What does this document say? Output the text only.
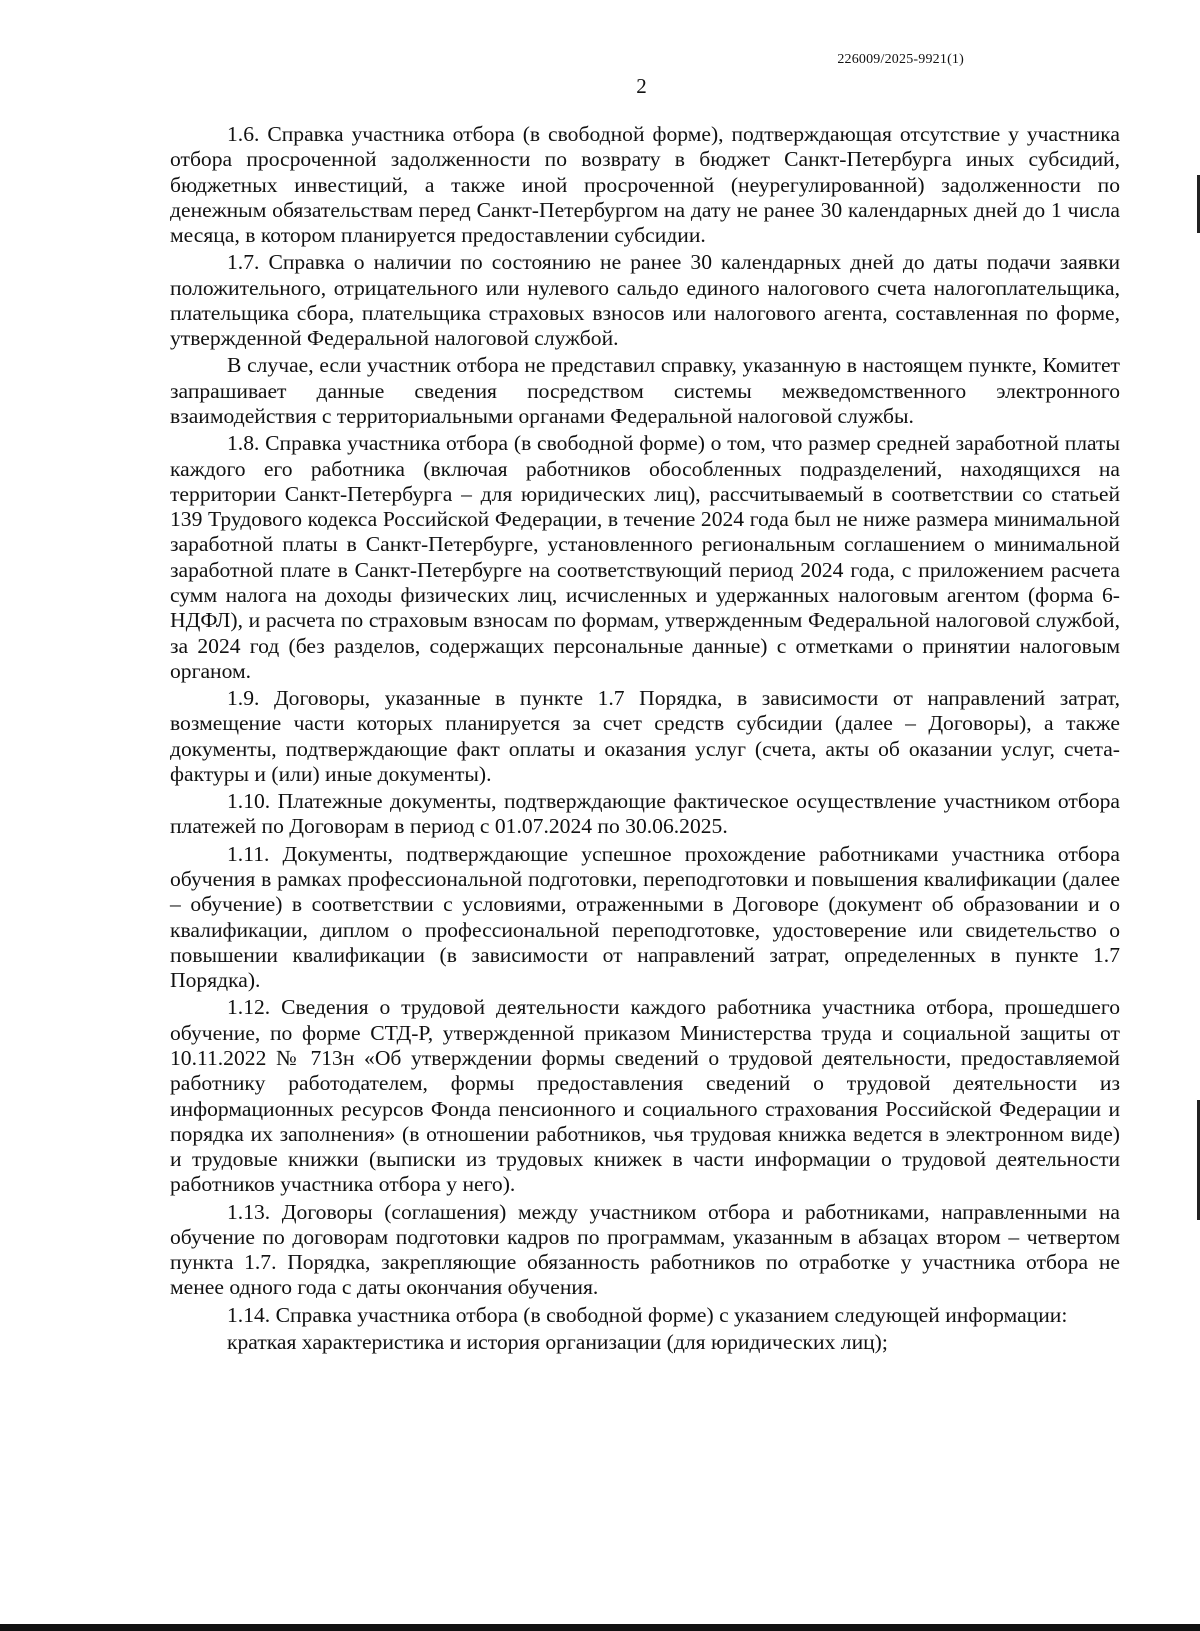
226009/2025-9921(1)
2

1.6. Справка участника отбора (в свободной форме), подтверждающая отсутствие у участника отбора просроченной задолженности по возврату в бюджет Санкт-Петербурга иных субсидий, бюджетных инвестиций, а также иной просроченной (неурегулированной) задолженности по денежным обязательствам перед Санкт-Петербургом на дату не ранее 30 календарных дней до 1 числа месяца, в котором планируется предоставлении субсидии.

1.7. Справка о наличии по состоянию не ранее 30 календарных дней до даты подачи заявки положительного, отрицательного или нулевого сальдо единого налогового счета налогоплательщика, плательщика сбора, плательщика страховых взносов или налогового агента, составленная по форме, утвержденной Федеральной налоговой службой.

В случае, если участник отбора не представил справку, указанную в настоящем пункте, Комитет запрашивает данные сведения посредством системы межведомственного электронного взаимодействия с территориальными органами Федеральной налоговой службы.

1.8. Справка участника отбора (в свободной форме) о том, что размер средней заработной платы каждого его работника (включая работников обособленных подразделений, находящихся на территории Санкт-Петербурга – для юридических лиц), рассчитываемый в соответствии со статьей 139 Трудового кодекса Российской Федерации, в течение 2024 года был не ниже размера минимальной заработной платы в Санкт-Петербурге, установленного региональным соглашением о минимальной заработной плате в Санкт-Петербурге на соответствующий период 2024 года, с приложением расчета сумм налога на доходы физических лиц, исчисленных и удержанных налоговым агентом (форма 6-НДФЛ), и расчета по страховым взносам по формам, утвержденным Федеральной налоговой службой, за 2024 год (без разделов, содержащих персональные данные) с отметками о принятии налоговым органом.

1.9. Договоры, указанные в пункте 1.7 Порядка, в зависимости от направлений затрат, возмещение части которых планируется за счет средств субсидии (далее – Договоры), а также документы, подтверждающие факт оплаты и оказания услуг (счета, акты об оказании услуг, счета-фактуры и (или) иные документы).

1.10. Платежные документы, подтверждающие фактическое осуществление участником отбора платежей по Договорам в период с 01.07.2024 по 30.06.2025.

1.11. Документы, подтверждающие успешное прохождение работниками участника отбора обучения в рамках профессиональной подготовки, переподготовки и повышения квалификации (далее – обучение) в соответствии с условиями, отраженными в Договоре (документ об образовании и о квалификации, диплом о профессиональной переподготовке, удостоверение или свидетельство о повышении квалификации (в зависимости от направлений затрат, определенных в пункте 1.7 Порядка).

1.12. Сведения о трудовой деятельности каждого работника участника отбора, прошедшего обучение, по форме СТД-Р, утвержденной приказом Министерства труда и социальной защиты от 10.11.2022 № 713н «Об утверждении формы сведений о трудовой деятельности, предоставляемой работнику работодателем, формы предоставления сведений о трудовой деятельности из информационных ресурсов Фонда пенсионного и социального страхования Российской Федерации и порядка их заполнения» (в отношении работников, чья трудовая книжка ведется в электронном виде) и трудовые книжки (выписки из трудовых книжек в части информации о трудовой деятельности работников участника отбора у него).

1.13. Договоры (соглашения) между участником отбора и работниками, направленными на обучение по договорам подготовки кадров по программам, указанным в абзацах втором – четвертом пункта 1.7. Порядка, закрепляющие обязанность работников по отработке у участника отбора не менее одного года с даты окончания обучения.

1.14. Справка участника отбора (в свободной форме) с указанием следующей информации:

краткая характеристика и история организации (для юридических лиц);
